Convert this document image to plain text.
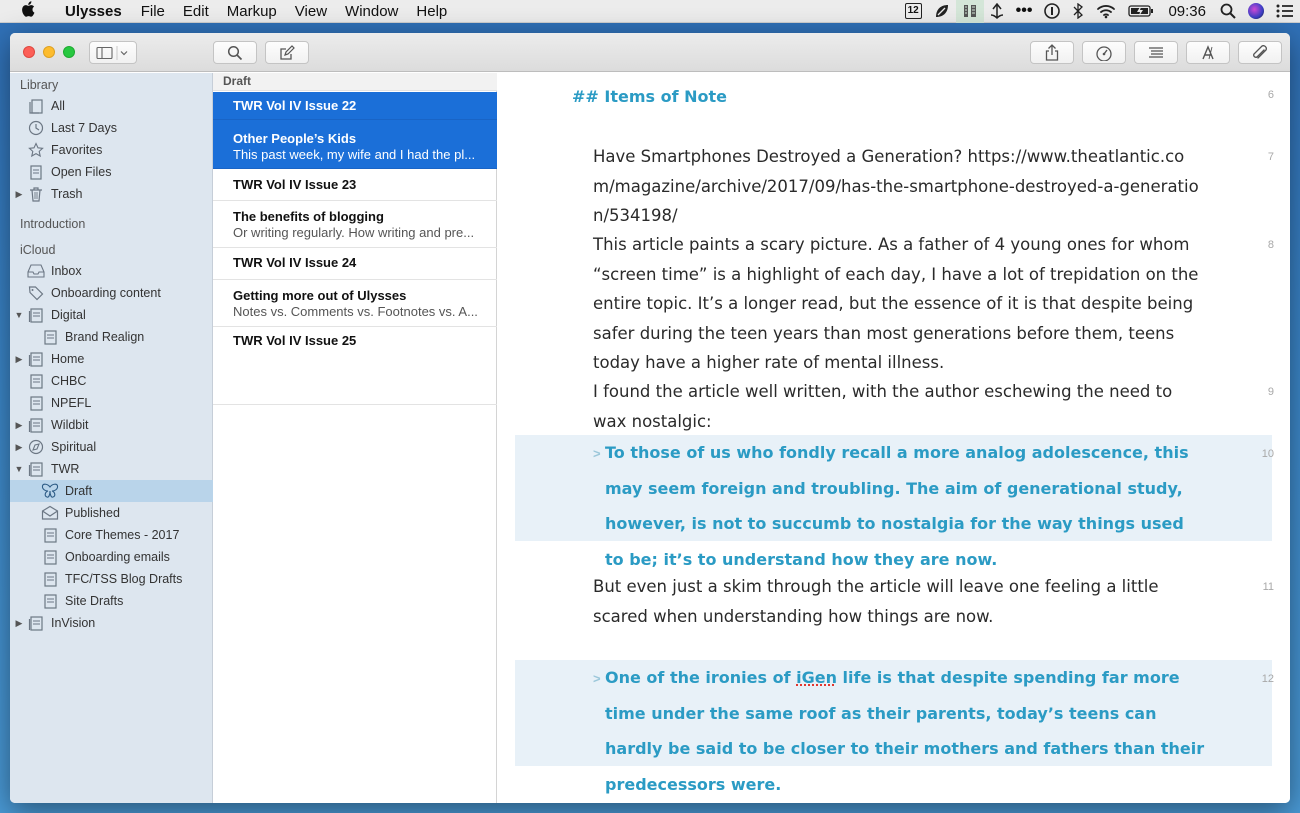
Ulysses	File	Edit	Markup	View	Window	Help	12	•••	09:36
Library
All
Last 7 Days
Favorites
Open Files
▶ Trash
Introduction
iCloud
Inbox
Onboarding content
▼ Digital
Brand Realign
▶ Home
CHBC
NPEFL
▶ Wildbit
▶ Spiritual
▼ TWR
Draft
Published
Core Themes - 2017
Onboarding emails
TFC/TSS Blog Drafts
Site Drafts
▶ InVision
Draft
TWR Vol IV Issue 22
Other People’s Kids
This past week, my wife and I had the pl...
TWR Vol IV Issue 23
The benefits of blogging
Or writing regularly. How writing and pre...
TWR Vol IV Issue 24
Getting more out of Ulysses
Notes vs. Comments vs. Footnotes vs. A...
TWR Vol IV Issue 25
## Items of Note	6
Have Smartphones Destroyed a Generation? https://www.theatlantic.com/magazine/archive/2017/09/has-the-smartphone-destroyed-a-generation/534198/
7
This article paints a scary picture. As a father of 4 young ones for whom “screen time” is a highlight of each day, I have a lot of trepidation on the entire topic. It’s a longer read, but the essence of it is that despite being safer during the teen years than most generations before them, teens today have a higher rate of mental illness.
8
I found the article well written, with the author eschewing the need to wax nostalgic:
9
> To those of us who fondly recall a more analog adolescence, this may seem foreign and troubling. The aim of generational study, however, is not to succumb to nostalgia for the way things used to be; it’s to understand how they are now.
10
But even just a skim through the article will leave one feeling a little scared when understanding how things are now.
11
> One of the ironies of iGen life is that despite spending far more time under the same roof as their parents, today’s teens can hardly be said to be closer to their mothers and fathers than their predecessors were.
12
